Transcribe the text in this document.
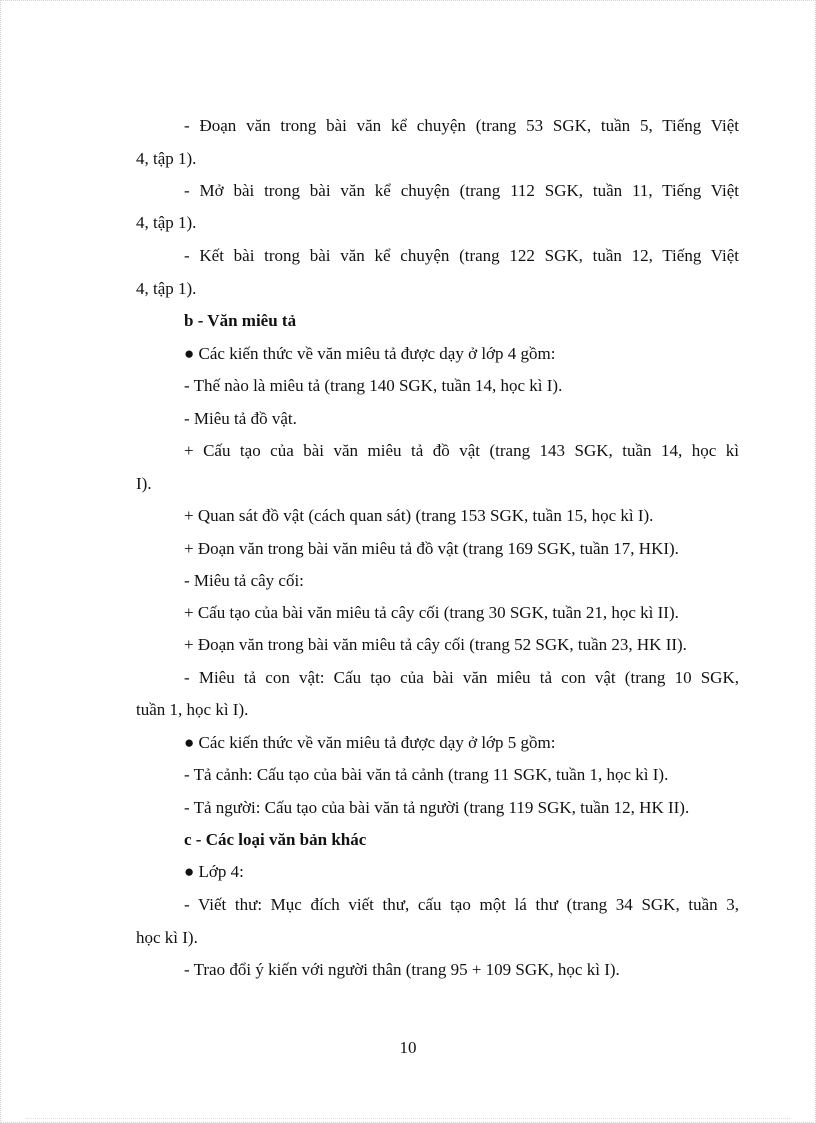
- Đoạn văn trong bài văn kể chuyện (trang 53 SGK, tuần 5, Tiếng Việt
4, tập 1).
- Mở bài trong bài văn kể chuyện (trang 112 SGK, tuần 11, Tiếng Việt
4, tập 1).
- Kết bài trong bài văn kể chuyện (trang 122 SGK, tuần 12, Tiếng Việt
4, tập 1).
b - Văn miêu tả
● Các kiến thức về văn miêu tả được dạy ở lớp 4 gồm:
- Thế nào là miêu tả (trang 140 SGK, tuần 14, học kì I).
- Miêu tả đồ vật.
+ Cấu tạo của bài văn miêu tả đồ vật (trang 143 SGK, tuần 14, học kì
I).
+ Quan sát đồ vật (cách quan sát) (trang 153 SGK, tuần 15, học kì I).
+ Đoạn văn trong bài văn miêu tả đồ vật (trang 169 SGK, tuần 17, HKI).
- Miêu tả cây cối:
+ Cấu tạo của bài văn miêu tả cây cối (trang 30 SGK, tuần 21, học kì II).
+ Đoạn văn trong bài văn miêu tả cây cối (trang 52 SGK, tuần 23, HK II).
- Miêu tả con vật: Cấu tạo của bài văn miêu tả con vật (trang 10 SGK,
tuần 1, học kì I).
● Các kiến thức về văn miêu tả được dạy ở lớp 5 gồm:
- Tả cảnh: Cấu tạo của bài văn tả cảnh (trang 11 SGK, tuần 1, học kì I).
- Tả người: Cấu tạo của bài văn tả người (trang 119 SGK, tuần 12, HK II).
c - Các loại văn bản khác
● Lớp 4:
- Viết thư: Mục đích viết thư, cấu tạo một lá thư (trang 34 SGK, tuần 3,
học kì I).
- Trao đổi ý kiến với người thân (trang 95 + 109 SGK, học kì I).
10
